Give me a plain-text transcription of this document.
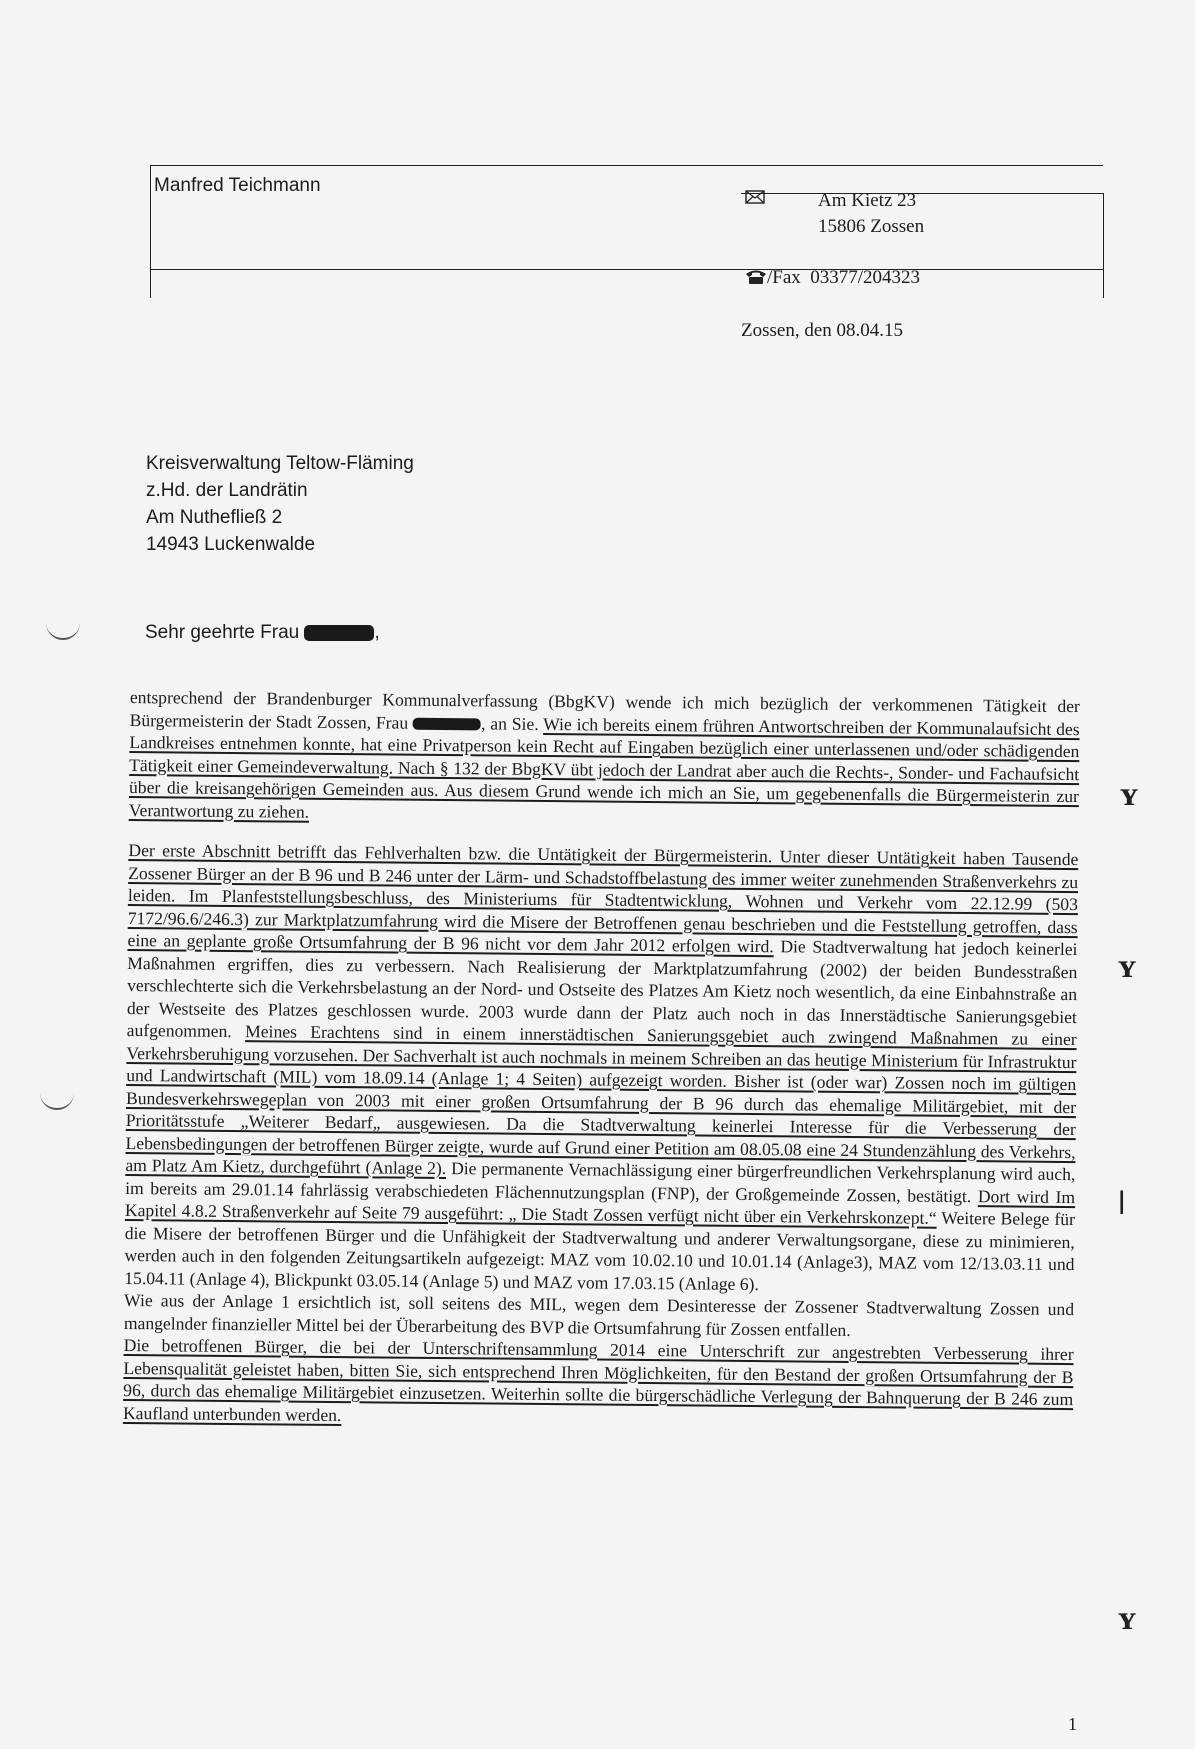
Manfred Teichmann
Am Kietz 23
15806 Zossen
/Fax 03377/204323
Zossen, den 08.04.15
Kreisverwaltung Teltow-Fläming
z.Hd. der Landrätin
Am Nuthefließ 2
14943 Luckenwalde
Sehr geehrte Frau	,

entsprechend der Brandenburger Kommunalverfassung (BbgKV) wende ich mich bezüglich der verkommenen Tätigkeit der Bürgermeisterin der Stadt Zossen, Frau	, an Sie. Wie ich bereits einem frühren Antwortschreiben der Kommunalaufsicht des Landkreises entnehmen konnte, hat eine Privatperson kein Recht auf Eingaben bezüglich einer unterlassenen und/oder schädigenden Tätigkeit einer Gemeindeverwaltung. Nach § 132 der BbgKV übt jedoch der Landrat aber auch die Rechts-, Sonder- und Fachaufsicht über die kreisangehörigen Gemeinden aus. Aus diesem Grund wende ich mich an Sie, um gegebenenfalls die Bürgermeisterin zur Verantwortung zu ziehen.

Der erste Abschnitt betrifft das Fehlverhalten bzw. die Untätigkeit der Bürgermeisterin. Unter dieser Untätigkeit haben Tausende Zossener Bürger an der B 96 und B 246 unter der Lärm- und Schadstoffbelastung des immer weiter zunehmenden Straßenverkehrs zu leiden. Im Planfeststellungsbeschluss, des Ministeriums für Stadtentwicklung, Wohnen und Verkehr vom 22.12.99 (503 7172/96.6/246.3) zur Marktplatzumfahrung wird die Misere der Betroffenen genau beschrieben und die Feststellung getroffen, dass eine an geplante große Ortsumfahrung der B 96 nicht vor dem Jahr 2012 erfolgen wird. Die Stadtverwaltung hat jedoch keinerlei Maßnahmen ergriffen, dies zu verbessern. Nach Realisierung der Marktplatzumfahrung (2002) der beiden Bundesstraßen verschlechterte sich die Verkehrsbelastung an der Nord- und Ostseite des Platzes Am Kietz noch wesentlich, da eine Einbahnstraße an der Westseite des Platzes geschlossen wurde. 2003 wurde dann der Platz auch noch in das Innerstädtische Sanierungsgebiet aufgenommen. Meines Erachtens sind in einem innerstädtischen Sanierungsgebiet auch zwingend Maßnahmen zu einer Verkehrsberuhigung vorzusehen. Der Sachverhalt ist auch nochmals in meinem Schreiben an das heutige Ministerium für Infrastruktur und Landwirtschaft (MIL) vom 18.09.14 (Anlage 1; 4 Seiten) aufgezeigt worden. Bisher ist (oder war) Zossen noch im gültigen Bundesverkehrswegeplan von 2003 mit einer großen Ortsumfahrung der B 96 durch das ehemalige Militärgebiet, mit der Prioritätsstufe „Weiterer Bedarf„ ausgewiesen. Da die Stadtverwaltung keinerlei Interesse für die Verbesserung der Lebensbedingungen der betroffenen Bürger zeigte, wurde auf Grund einer Petition am 08.05.08 eine 24 Stundenzählung des Verkehrs, am Platz Am Kietz, durchgeführt (Anlage 2). Die permanente Vernachlässigung einer bürgerfreundlichen Verkehrsplanung wird auch, im bereits am 29.01.14 fahrlässig verabschiedeten Flächennutzungsplan (FNP), der Großgemeinde Zossen, bestätigt. Dort wird Im Kapitel 4.8.2 Straßenverkehr auf Seite 79 ausgeführt: „ Die Stadt Zossen verfügt nicht über ein Verkehrskonzept.“ Weitere Belege für die Misere der betroffenen Bürger und die Unfähigkeit der Stadtverwaltung und anderer Verwaltungsorgane, diese zu minimieren, werden auch in den folgenden Zeitungsartikeln aufgezeigt: MAZ vom 10.02.10 und 10.01.14 (Anlage3), MAZ vom 12/13.03.11 und 15.04.11 (Anlage 4), Blickpunkt 03.05.14 (Anlage 5) und MAZ vom 17.03.15 (Anlage 6).

Wie aus der Anlage 1 ersichtlich ist, soll seitens des MIL, wegen dem Desinteresse der Zossener Stadtverwaltung Zossen und mangelnder finanzieller Mittel bei der Überarbeitung des BVP die Ortsumfahrung für Zossen entfallen.

Die betroffenen Bürger, die bei der Unterschriftensammlung 2014 eine Unterschrift zur angestrebten Verbesserung ihrer Lebensqualität geleistet haben, bitten Sie, sich entsprechend Ihren Möglichkeiten, für den Bestand der großen Ortsumfahrung der B 96, durch das ehemalige Militärgebiet einzusetzen. Weiterhin sollte die bürgerschädliche Verlegung der Bahnquerung der B 246 zum Kaufland unterbunden werden.

ʏ
ʏ
ǀ
ʏ
1
